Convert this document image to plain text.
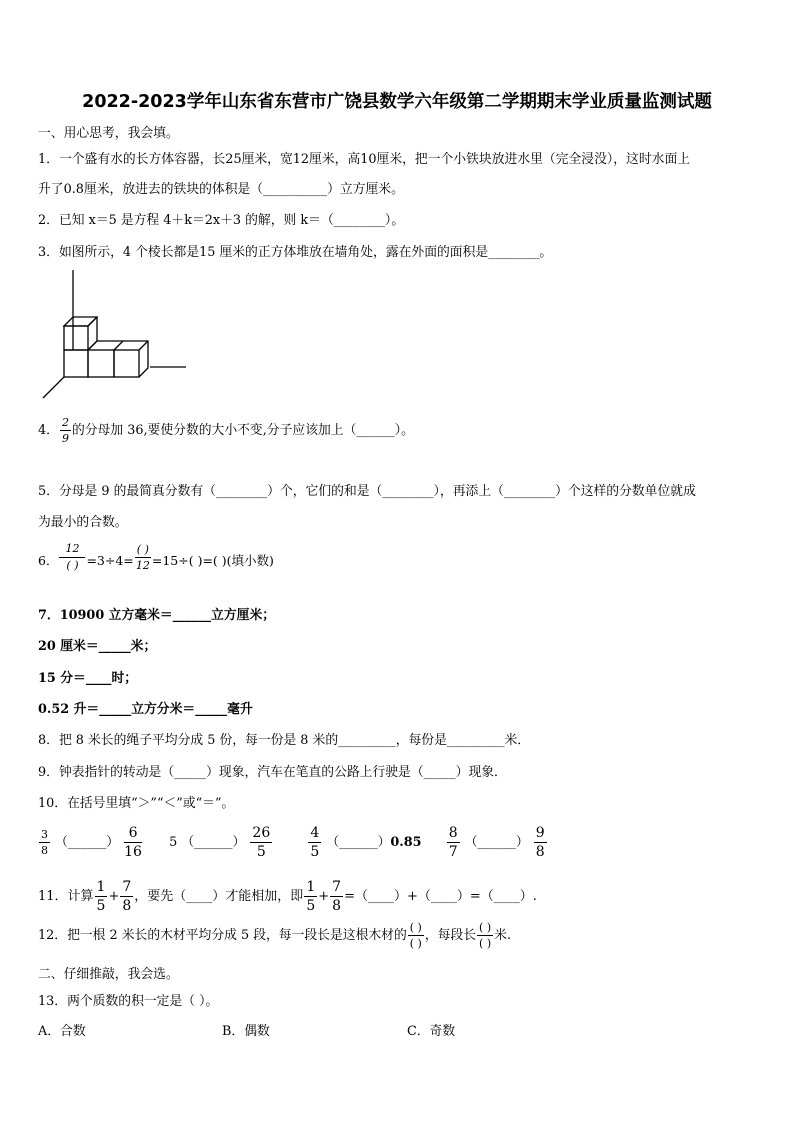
2022-2023学年山东省东营市广饶县数学六年级第二学期期末学业质量监测试题
一、用心思考，我会填。
1．一个盛有水的长方体容器，长25厘米，宽12厘米，高10厘米，把一个小铁块放进水里（完全浸没），这时水面上
升了0.8厘米，放进去的铁块的体积是（__________）立方厘米。
2．已知 x＝5 是方程 4＋k＝2x＋3 的解，则 k＝（________）。
3．如图所示，4 个棱长都是15 厘米的正方体堆放在墙角处，露在外面的面积是________。
4． $\frac{2}{9}$ 的分母加 36,要使分数的大小不变,分子应该加上（______）。
5．分母是 9 的最简真分数有（________）个，它们的和是（________），再添上（________）个这样的分数单位就成
为最小的合数。
6． $\frac{12}{( )} =3\div 4= \frac{( )}{12} =15\div$( )=( )(填小数)
7．10900 立方毫米＝______立方厘米；
20 厘米＝_____米；
15 分＝____时；
0.52 升＝_____立方分米＝_____毫升
8．把 8 米长的绳子平均分成 5 份，每一份是 8 米的_________，每份是_________米．
9．钟表指针的转动是（_____）现象，汽车在笔直的公路上行驶是（_____）现象．
10．在括号里填“＞”“＜”或“＝”。
$\frac{3}{8}$ （______） $\frac{6}{16} 5$ （______） $\frac{26}{5}$
	$\frac{4}{5}$ （______）0.85 $\frac{8}{7}$ （______） $\frac{9}{8}$
11．计算 $\frac{1}{5} + \frac{7}{8}$ ，要先（____）才能相加，即 $\frac{1}{5} + \frac{7}{8}$ =（____）+（____）=（____）.
12．把一根 2 米长的木材平均分成 5 段，每一段长是这根木材的 $\frac{( )}{( )}$ ，每段长 $\frac{( )}{( )}$ 米.
二、仔细推敲，我会选。
13．两个质数的积一定是（ ）。
A．合数	B．偶数	C．奇数
